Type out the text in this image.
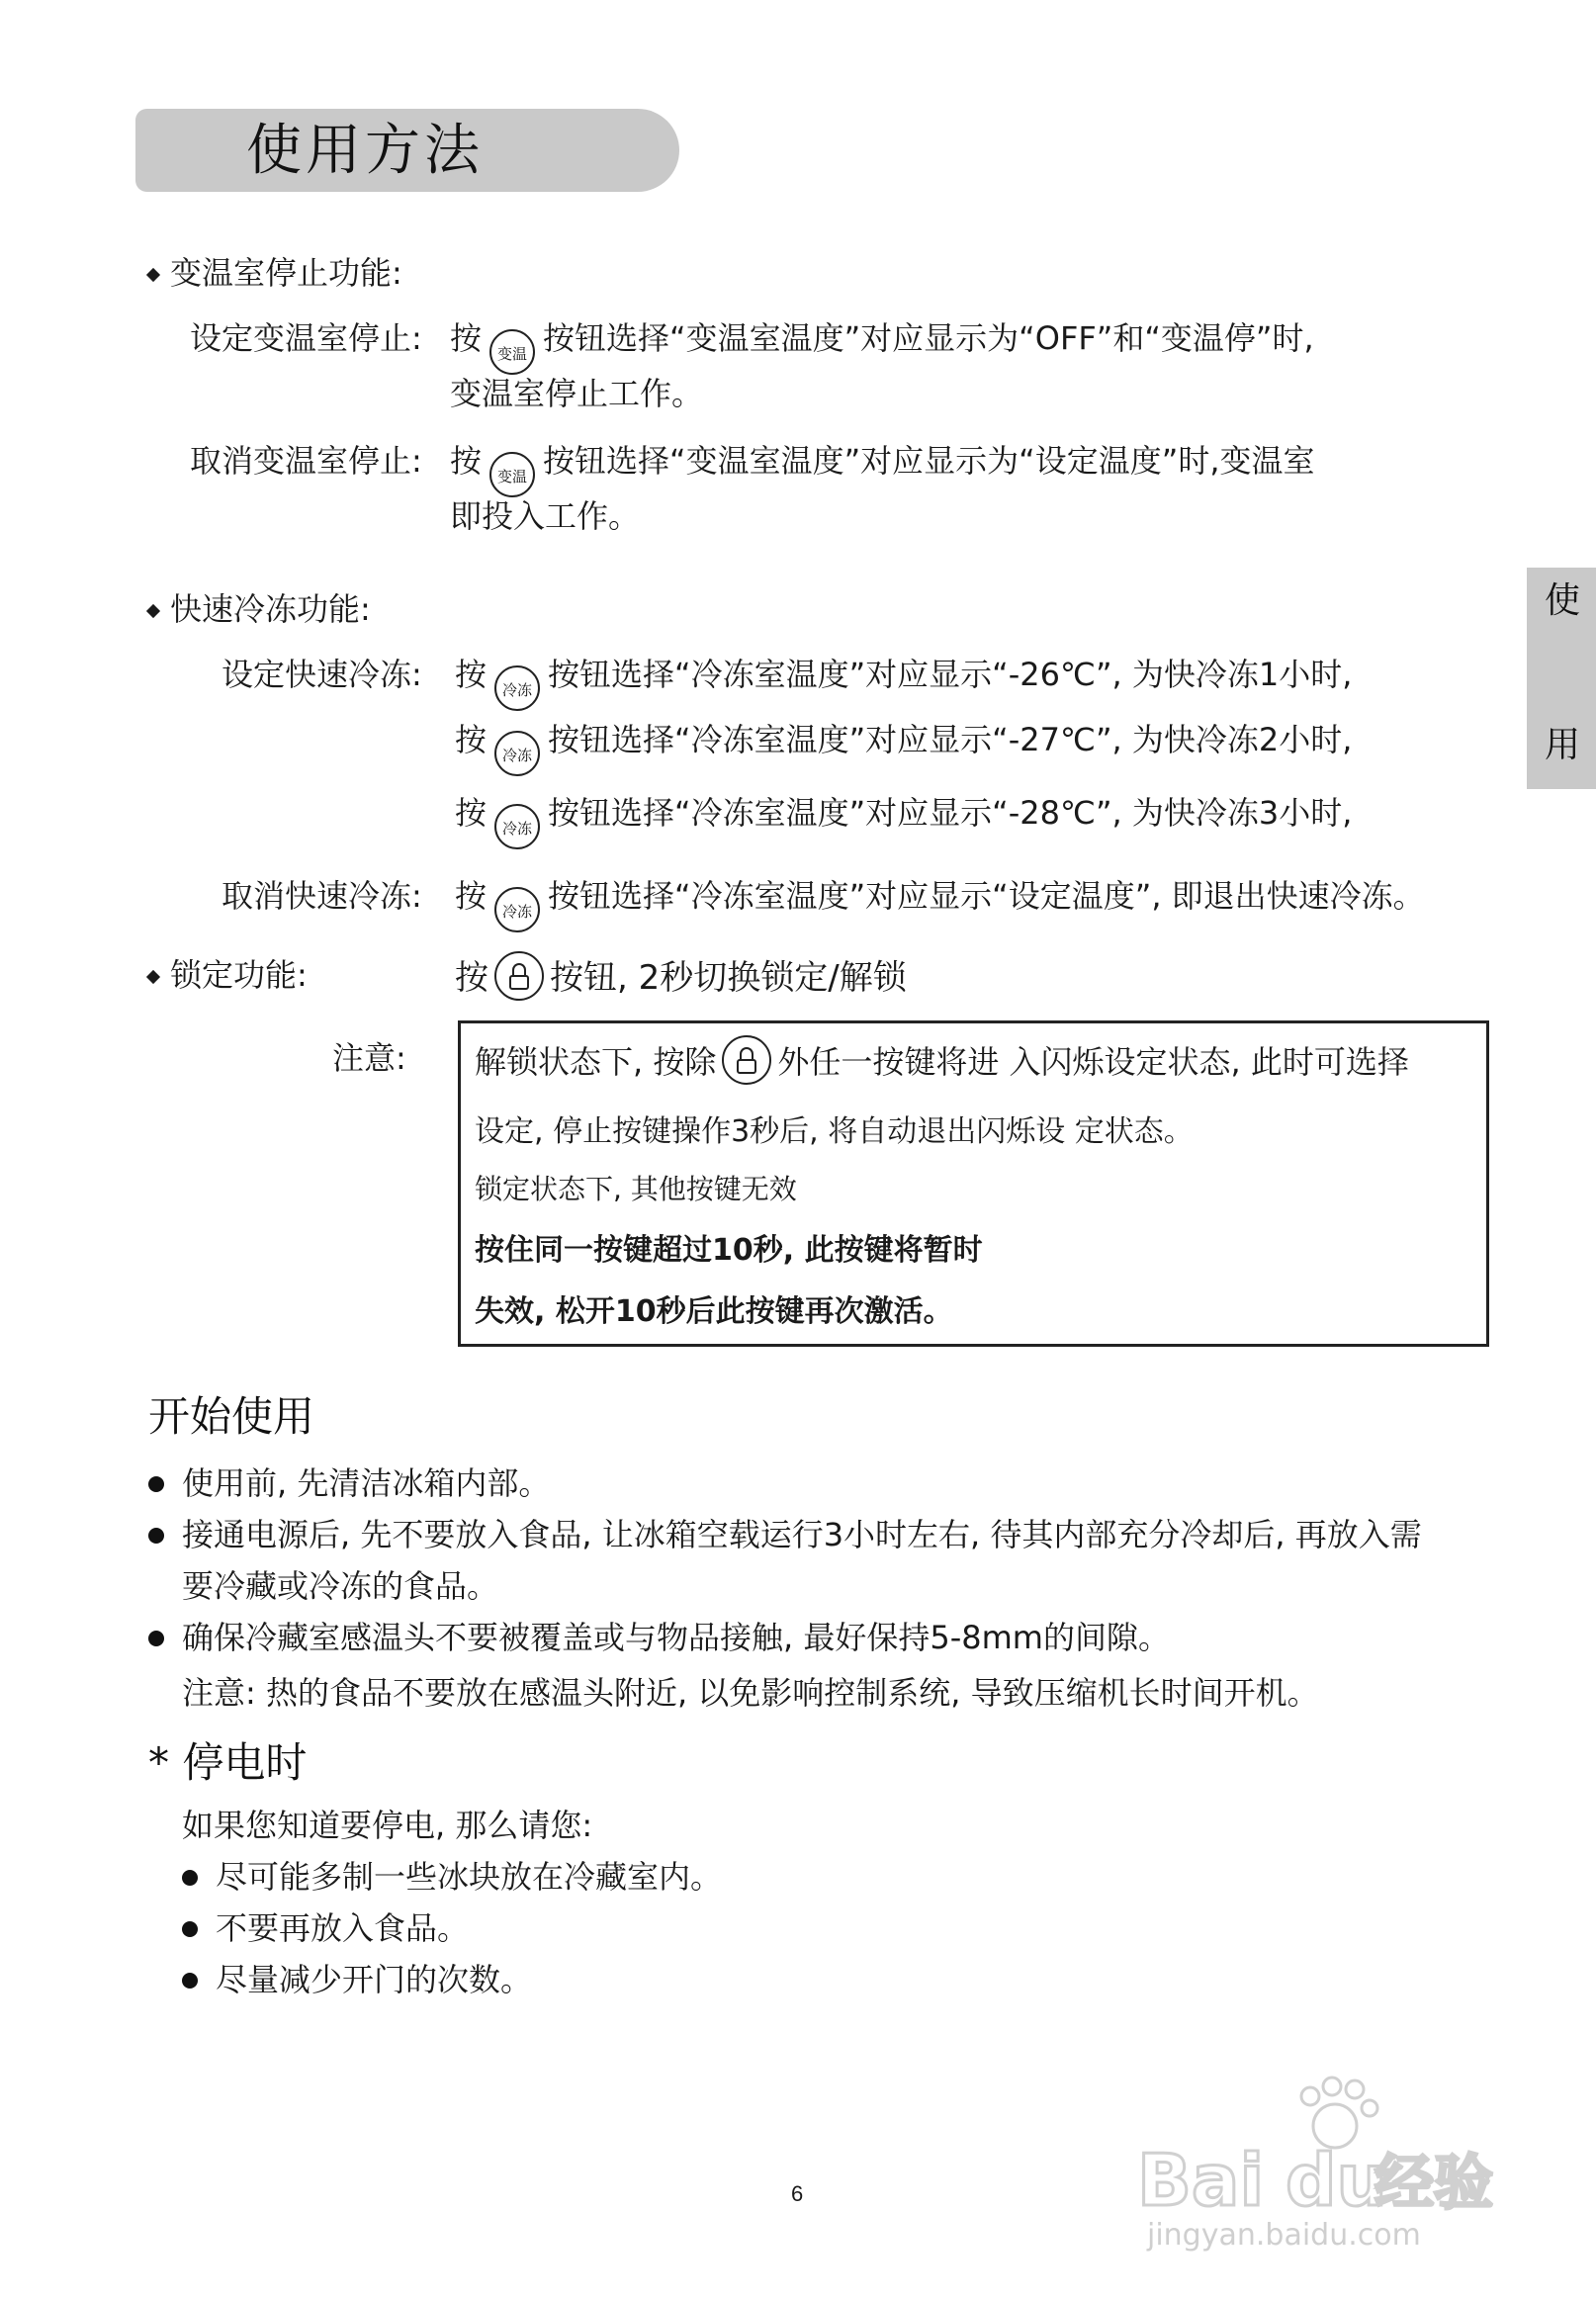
使用方法
使
用
变温室停止功能:
设定变温室停止: 按 变温 按钮选择“变温室温度”对应显示为“OFF”和“变温停”时,
变温室停止工作。
取消变温室停止: 按 变温 按钮选择“变温室温度”对应显示为“设定温度”时,变温室
即投入工作。
快速冷冻功能:
设定快速冷冻: 按 冷冻 按钮选择“冷冻室温度”对应显示“-26℃”, 为快冷冻1小时,
按 冷冻 按钮选择“冷冻室温度”对应显示“-27℃”, 为快冷冻2小时,
按 冷冻 按钮选择“冷冻室温度”对应显示“-28℃”, 为快冷冻3小时,
取消快速冷冻: 按 冷冻 按钮选择“冷冻室温度”对应显示“设定温度”, 即退出快速冷冻。
锁定功能:	按 按钮, 2秒切换锁定/解锁
注意: 解锁状态下, 按除 外任一按键将进 入闪烁设定状态, 此时可选择
设定, 停止按键操作3秒后, 将自动退出闪烁设 定状态。
锁定状态下, 其他按键无效
按住同一按键超过10秒, 此按键将暂时
失效, 松开10秒后此按键再次激活。
开始使用
使用前, 先清洁冰箱内部。
接通电源后, 先不要放入食品, 让冰箱空载运行3小时左右, 待其内部充分冷却后, 再放入需
要冷藏或冷冻的食品。
确保冷藏室感温头不要被覆盖或与物品接触, 最好保持5-8mm的间隙。
注意: 热的食品不要放在感温头附近, 以免影响控制系统, 导致压缩机长时间开机。
* 停电时
如果您知道要停电, 那么请您:
尽可能多制一些冰块放在冷藏室内。
不要再放入食品。
尽量减少开门的次数。
6	Bai du
经验
jingyan.baidu.com
